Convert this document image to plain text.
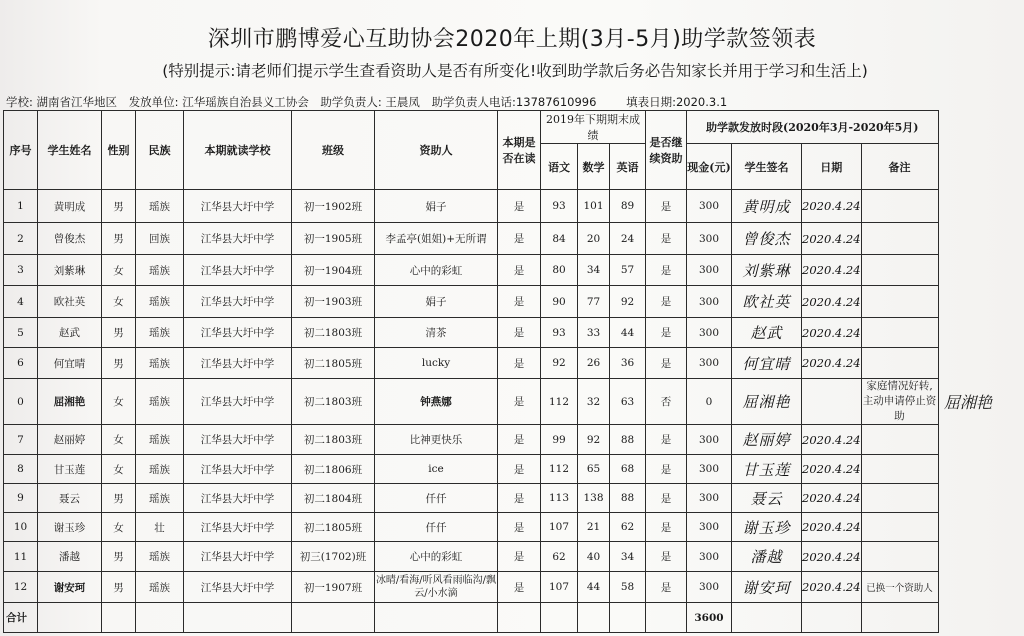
深圳市鹏博爱心互助协会2020年上期(3月-5月)助学款签领表
(特别提示:请老师们提示学生查看资助人是否有所变化!收到助学款后务必告知家长并用于学习和生活上)
学校: 湖南省江华地区 发放单位: 江华瑶族自治县义工协会 助学负责人: 王晨凤 助学负责人电话:13787610996	填表日期:2020.3.1
序号	学生姓名	性别	民族	本期就读学校	班级	资助人	本期是否在读	2019年下期期末成绩			是否继续资助	助学款发放时段(2020年3月-2020年5月)			
								语文	数学	英语		现金(元)	学生签名	日期	备注
1	黄明成	男	瑶族	江华县大圩中学	初一1902班	娟子	是	93	101	89	是	300	黄明成	2020.4.24	
2	曾俊杰	男	回族	江华县大圩中学	初一1905班	李孟亭(姐姐)+无所谓	是	84	20	24	是	300	曾俊杰	2020.4.24	
3	刘紫琳	女	瑶族	江华县大圩中学	初一1904班	心中的彩虹	是	80	34	57	是	300	刘紫琳	2020.4.24	
4	欧社英	女	瑶族	江华县大圩中学	初一1903班	娟子	是	90	77	92	是	300	欧社英	2020.4.24	
5	赵武	男	瑶族	江华县大圩中学	初二1803班	清茶	是	93	33	44	是	300	赵武	2020.4.24	
6	何宜晴	男	瑶族	江华县大圩中学	初二1805班	lucky	是	92	26	36	是	300	何宜晴	2020.4.24	
0	屈湘艳	女	瑶族	江华县大圩中学	初二1803班	钟燕娜	是	112	32	63	否	0	屈湘艳		家庭情况好转,主动申请停止资助
7	赵丽婷	女	瑶族	江华县大圩中学	初二1803班	比神更快乐	是	99	92	88	是	300	赵丽婷	2020.4.24	
8	甘玉莲	女	瑶族	江华县大圩中学	初二1806班	ice	是	112	65	68	是	300	甘玉莲	2020.4.24	
9	聂云	男	瑶族	江华县大圩中学	初二1804班	仟仟	是	113	138	88	是	300	聂云	2020.4.24	
10	谢玉珍	女	壮	江华县大圩中学	初二1805班	仟仟	是	107	21	62	是	300	谢玉珍	2020.4.24	
11	潘越	男	瑶族	江华县大圩中学	初三(1702)班	心中的彩虹	是	62	40	34	是	300	潘越	2020.4.24	
12	谢安珂	男	瑶族	江华县大圩中学	初一1907班	冰晴/看海/听风看雨临沟/飘云/小水滴	是	107	44	58	是	300	谢安珂	2020.4.24	已换一个资助人
合计												3600			
屈湘艳
